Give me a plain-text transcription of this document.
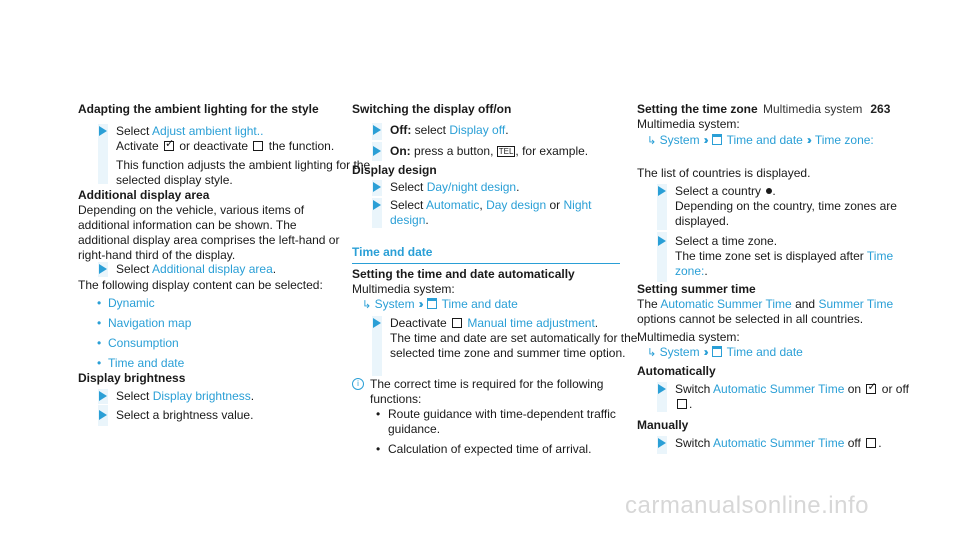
Multimedia system 263
Adapting the ambient lighting for the style
Select Adjust ambient light..
Activate ✓ or deactivate the function.
This function adjusts the ambient lighting for the selected display style.
Additional display area
Depending on the vehicle, various items of additional information can be shown. The additional display area comprises the left-hand or right-hand third of the display.
Select Additional display area.
The following display content can be selected:
• Dynamic
• Navigation map
• Consumption
• Time and date
Display brightness
Select Display brightness.
Select a brightness value.
Switching the display off/on
Off: select Display off.
On: press a button, TEL , for example.
Display design
Select Day/night design.
Select Automatic, Day design or Night design.
Time and date
Setting the time and date automatically
Multimedia system:
↳ System ›› Time and date
Deactivate Manual time adjustment.
The time and date are set automatically for the selected time zone and summer time option.
i The correct time is required for the following functions:
• Route guidance with time-dependent traffic guidance.
• Calculation of expected time of arrival.
Setting the time zone
Multimedia system:
↳ System ›› Time and date ›› Time zone:
The list of countries is displayed.
Select a country .
Depending on the country, time zones are displayed.
Select a time zone.
The time zone set is displayed after Time zone:.
Setting summer time
The Automatic Summer Time and Summer Time options cannot be selected in all countries.
Multimedia system:
↳ System ›› Time and date
Automatically
Switch Automatic Summer Time on ✓ or off
.
Manually
Switch Automatic Summer Time off .
carmanualsonline.info
